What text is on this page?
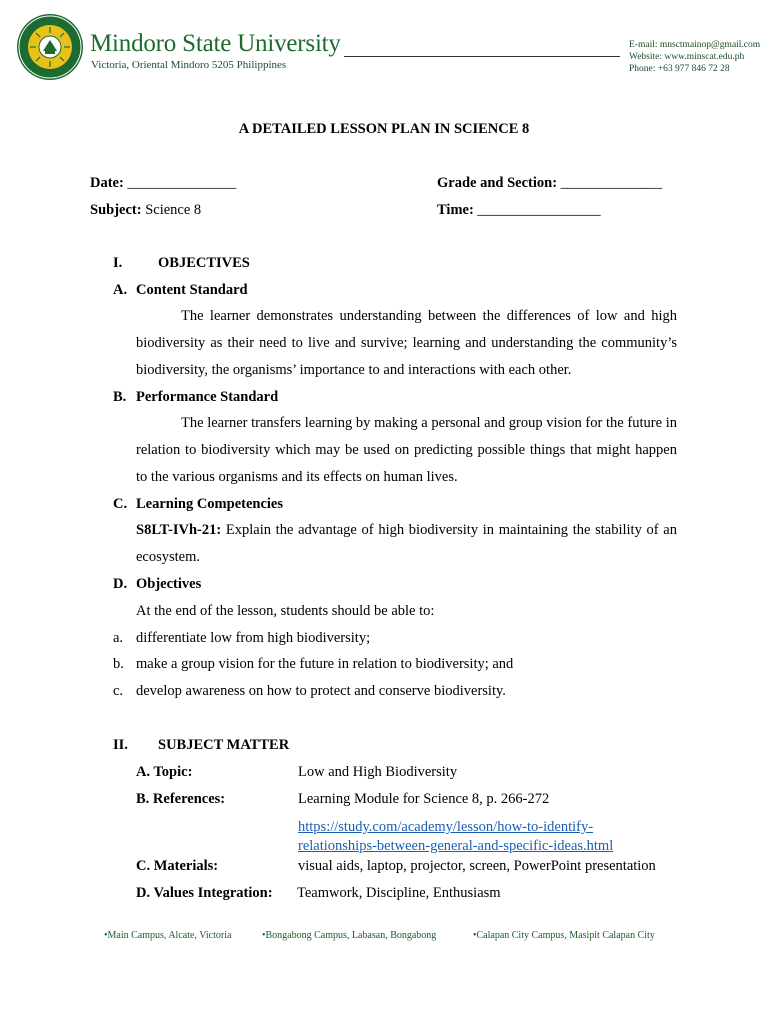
Mindoro State University
Victoria, Oriental Mindoro 5205 Philippines
E-mail: mnsctmainop@gmail.com
Website: www.minscat.edu.ph
Phone: +63 977 846 72 28
A DETAILED LESSON PLAN IN SCIENCE 8
Date: _______________	Grade and Section: ______________
Subject: Science 8	Time: _________________
I. OBJECTIVES
A. Content Standard
The learner demonstrates understanding between the differences of low and high biodiversity as their need to live and survive; learning and understanding the community’s biodiversity, the organisms’ importance to and interactions with each other.
B. Performance Standard
The learner transfers learning by making a personal and group vision for the future in relation to biodiversity which may be used on predicting possible things that might happen to the various organisms and its effects on human lives.
C. Learning Competencies
S8LT-IVh-21: Explain the advantage of high biodiversity in maintaining the stability of an ecosystem.
D. Objectives
At the end of the lesson, students should be able to:
a. differentiate low from high biodiversity;
b. make a group vision for the future in relation to biodiversity; and
c. develop awareness on how to protect and conserve biodiversity.
II. SUBJECT MATTER
A. Topic:	Low and High Biodiversity
B. References:	Learning Module for Science 8, p. 266-272
https://study.com/academy/lesson/how-to-identify-
relationships-between-general-and-specific-ideas.html
C. Materials:	visual aids, laptop, projector, screen, PowerPoint presentation
D. Values Integration: Teamwork, Discipline, Enthusiasm
•Main Campus, Alcate, Victoria	•Bongabong Campus, Labasan, Bongabong	•Calapan City Campus, Masipit Calapan City
